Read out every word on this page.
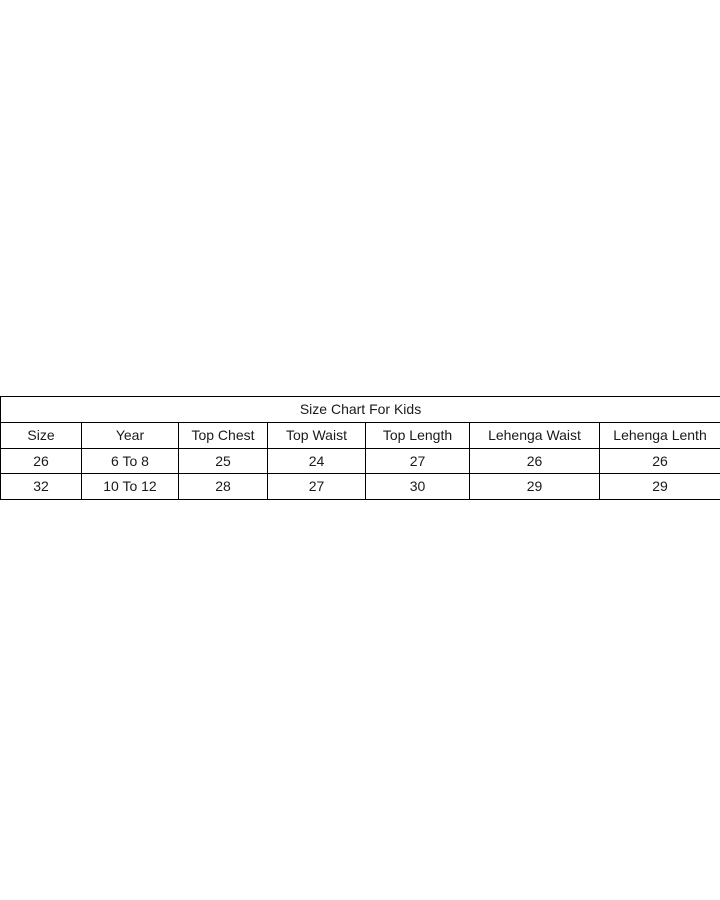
Size Chart For Kids						
Size	Year	Top Chest	Top Waist	Top Length	Lehenga Waist	Lehenga Lenth
26	6 To 8	25	24	27	26	26
32	10 To 12	28	27	30	29	29
